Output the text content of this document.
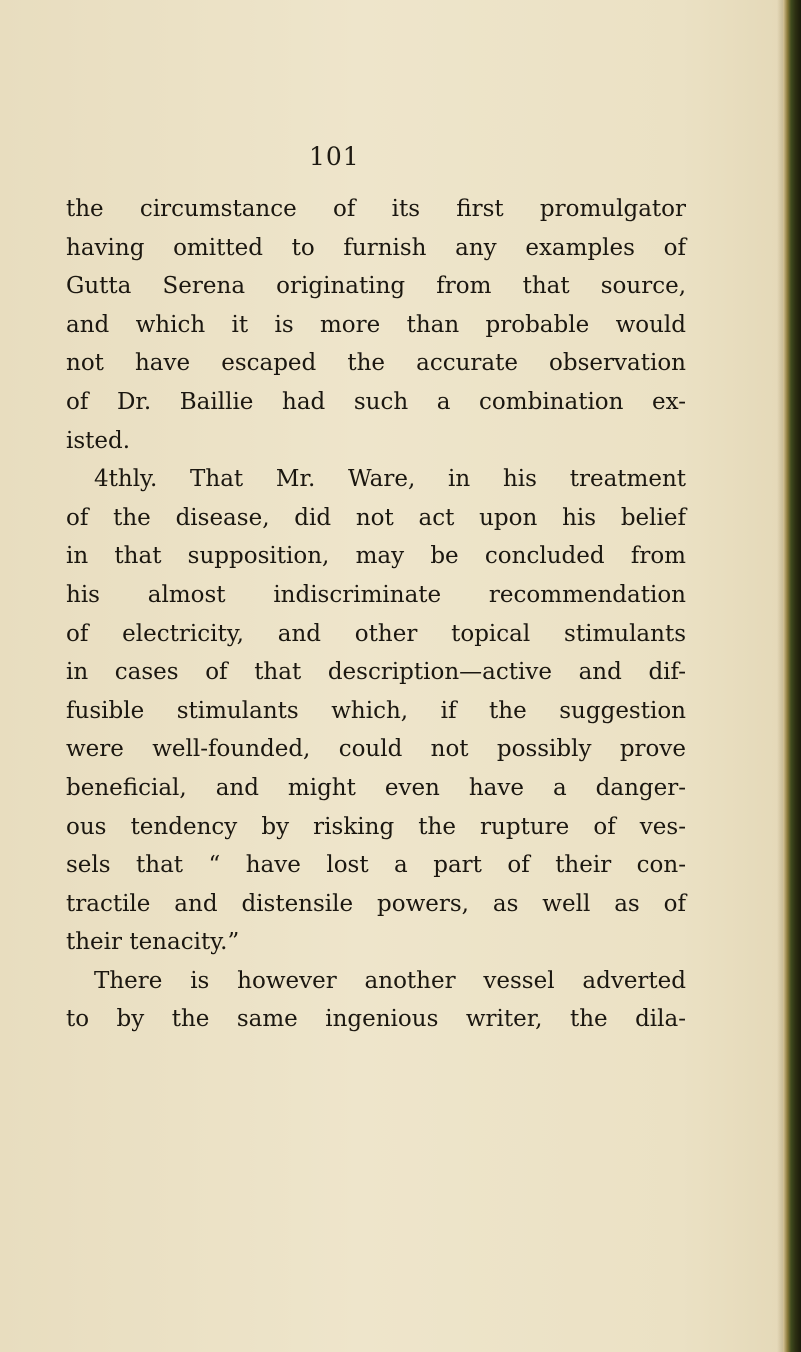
101
the circumstance of its first promulgator
having omitted to furnish any examples of
Gutta Serena originating from that source,
and which it is more than probable would
not have escaped the accurate observation
of Dr. Baillie had such a combination ex-
isted.
4thly. That Mr. Ware, in his treatment
of the disease, did not act upon his belief
in that supposition, may be concluded from
his almost indiscriminate recommendation
of electricity, and other topical stimulants
in cases of that description—active and dif-
fusible stimulants which, if the suggestion
were well-founded, could not possibly prove
beneficial, and might even have a danger-
ous tendency by risking the rupture of ves-
sels that “ have lost a part of their con-
tractile and distensile powers, as well as of
their tenacity.”
There is however another vessel adverted
to by the same ingenious writer, the dila-
